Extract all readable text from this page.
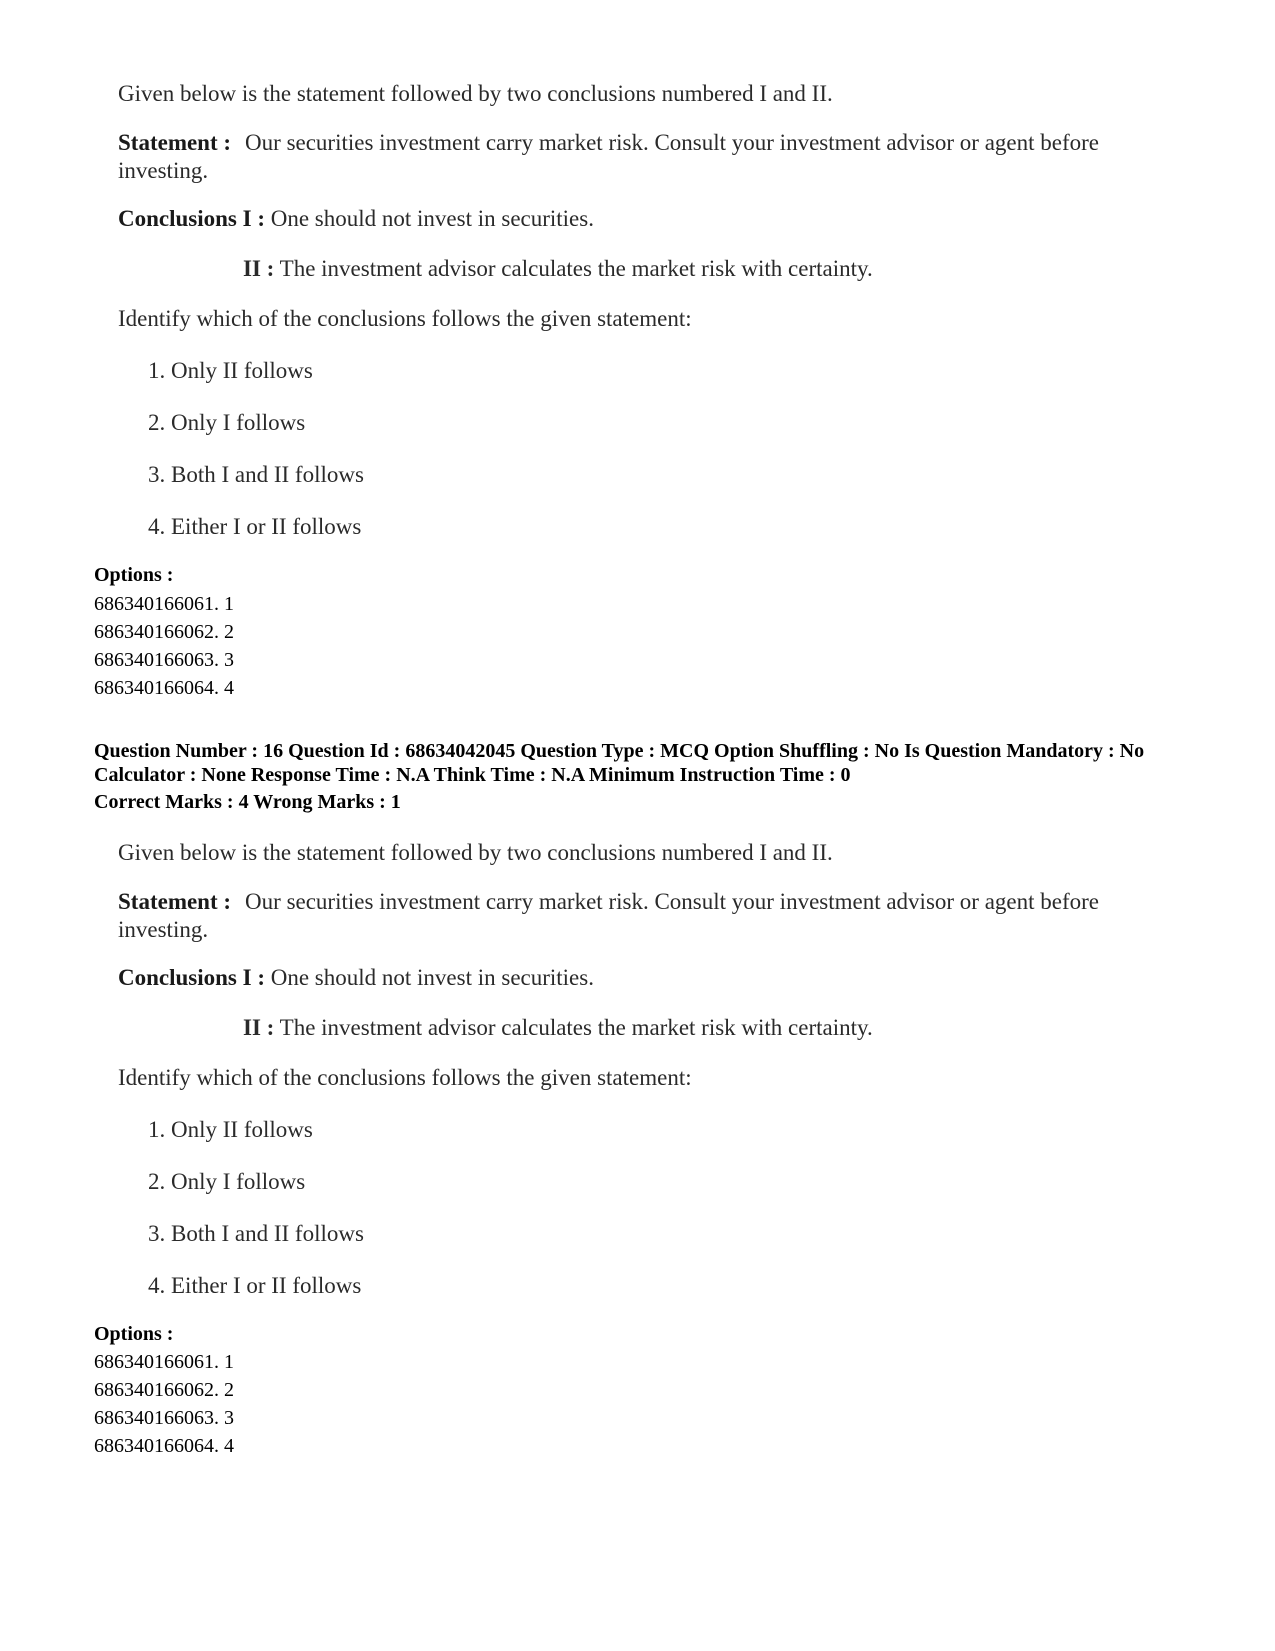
Given below is the statement followed by two conclusions numbered I and II.
Statement : Our securities investment carry market risk. Consult your investment advisor or agent before investing.
Conclusions I : One should not invest in securities.
II : The investment advisor calculates the market risk with certainty.
Identify which of the conclusions follows the given statement:
1. Only II follows
2. Only I follows
3. Both I and II follows
4. Either I or II follows
Options :
686340166061. 1
686340166062. 2
686340166063. 3
686340166064. 4
Question Number : 16 Question Id : 68634042045 Question Type : MCQ Option Shuffling : No Is Question Mandatory : No Calculator : None Response Time : N.A Think Time : N.A Minimum Instruction Time : 0
Correct Marks : 4 Wrong Marks : 1
Given below is the statement followed by two conclusions numbered I and II.
Statement : Our securities investment carry market risk. Consult your investment advisor or agent before investing.
Conclusions I : One should not invest in securities.
II : The investment advisor calculates the market risk with certainty.
Identify which of the conclusions follows the given statement:
1. Only II follows
2. Only I follows
3. Both I and II follows
4. Either I or II follows
Options :
686340166061. 1
686340166062. 2
686340166063. 3
686340166064. 4
